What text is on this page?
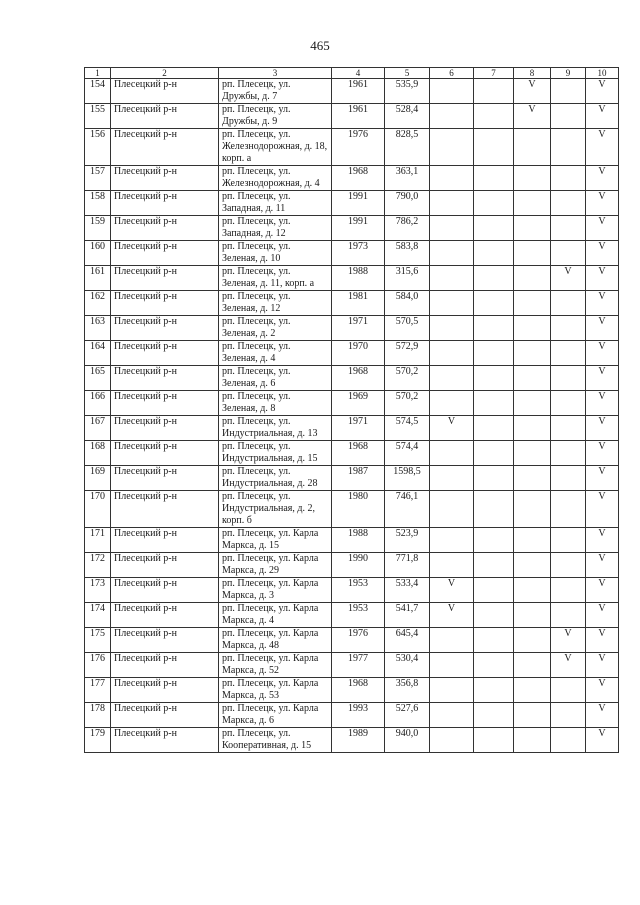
465
1	2	3	4	5	6	7	8	9	10
154	Плесецкий р-н	рп. Плесецк, ул. Дружбы, д. 7	1961	535,9			V		V
155	Плесецкий р-н	рп. Плесецк, ул. Дружбы, д. 9	1961	528,4			V		V
156	Плесецкий р-н	рп. Плесецк, ул. Железнодорожная, д. 18, корп. а	1976	828,5					V
157	Плесецкий р-н	рп. Плесецк, ул. Железнодорожная, д. 4	1968	363,1					V
158	Плесецкий р-н	рп. Плесецк, ул. Западная, д. 11	1991	790,0					V
159	Плесецкий р-н	рп. Плесецк, ул. Западная, д. 12	1991	786,2					V
160	Плесецкий р-н	рп. Плесецк, ул. Зеленая, д. 10	1973	583,8					V
161	Плесецкий р-н	рп. Плесецк, ул. Зеленая, д. 11, корп. а	1988	315,6				V	V
162	Плесецкий р-н	рп. Плесецк, ул. Зеленая, д. 12	1981	584,0					V
163	Плесецкий р-н	рп. Плесецк, ул. Зеленая, д. 2	1971	570,5					V
164	Плесецкий р-н	рп. Плесецк, ул. Зеленая, д. 4	1970	572,9					V
165	Плесецкий р-н	рп. Плесецк, ул. Зеленая, д. 6	1968	570,2					V
166	Плесецкий р-н	рп. Плесецк, ул. Зеленая, д. 8	1969	570,2					V
167	Плесецкий р-н	рп. Плесецк, ул. Индустриальная, д. 13	1971	574,5	V				V
168	Плесецкий р-н	рп. Плесецк, ул. Индустриальная, д. 15	1968	574,4					V
169	Плесецкий р-н	рп. Плесецк, ул. Индустриальная, д. 28	1987	1598,5					V
170	Плесецкий р-н	рп. Плесецк, ул. Индустриальная, д. 2, корп. б	1980	746,1					V
171	Плесецкий р-н	рп. Плесецк, ул. Карла Маркса, д. 15	1988	523,9					V
172	Плесецкий р-н	рп. Плесецк, ул. Карла Маркса, д. 29	1990	771,8					V
173	Плесецкий р-н	рп. Плесецк, ул. Карла Маркса, д. 3	1953	533,4	V				V
174	Плесецкий р-н	рп. Плесецк, ул. Карла Маркса, д. 4	1953	541,7	V				V
175	Плесецкий р-н	рп. Плесецк, ул. Карла Маркса, д. 48	1976	645,4				V	V
176	Плесецкий р-н	рп. Плесецк, ул. Карла Маркса, д. 52	1977	530,4				V	V
177	Плесецкий р-н	рп. Плесецк, ул. Карла Маркса, д. 53	1968	356,8					V
178	Плесецкий р-н	рп. Плесецк, ул. Карла Маркса, д. 6	1993	527,6					V
179	Плесецкий р-н	рп. Плесецк, ул. Кооперативная, д. 15	1989	940,0					V
